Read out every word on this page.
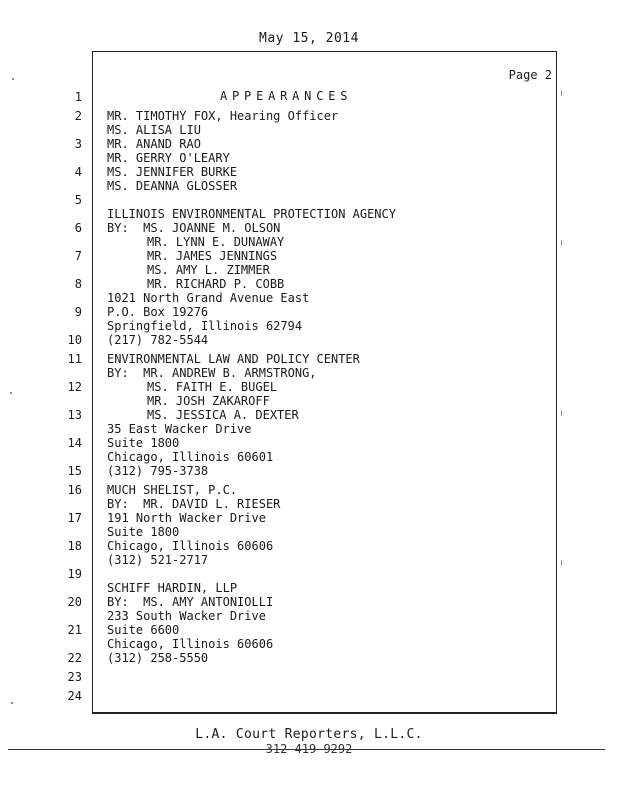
May 15, 2014
Page 2
APPEARANCES
1
2
3
4
5
6
7
8
9
10
11
12
13
14
15
16
17
18
19
20
21
22
23
24
MR. TIMOTHY FOX, Hearing Officer
MS. ALISA LIU
MR. ANAND RAO
MR. GERRY O'LEARY
MS. JENNIFER BURKE
MS. DEANNA GLOSSER
ILLINOIS ENVIRONMENTAL PROTECTION AGENCY
BY:  MS. JOANNE M. OLSON
MR. LYNN E. DUNAWAY
MR. JAMES JENNINGS
MS. AMY L. ZIMMER
MR. RICHARD P. COBB
1021 North Grand Avenue East
P.O. Box 19276
Springfield, Illinois 62794
(217) 782-5544
ENVIRONMENTAL LAW AND POLICY CENTER
BY:  MR. ANDREW B. ARMSTRONG,
MS. FAITH E. BUGEL
MR. JOSH ZAKAROFF
MS. JESSICA A. DEXTER
35 East Wacker Drive
Suite 1800
Chicago, Illinois 60601
(312) 795-3738
MUCH SHELIST, P.C.
BY:  MR. DAVID L. RIESER
191 North Wacker Drive
Suite 1800
Chicago, Illinois 60606
(312) 521-2717
SCHIFF HARDIN, LLP
BY:  MS. AMY ANTONIOLLI
233 South Wacker Drive
Suite 6600
Chicago, Illinois 60606
(312) 258-5550
L.A. Court Reporters, L.L.C.
312-419-9292
